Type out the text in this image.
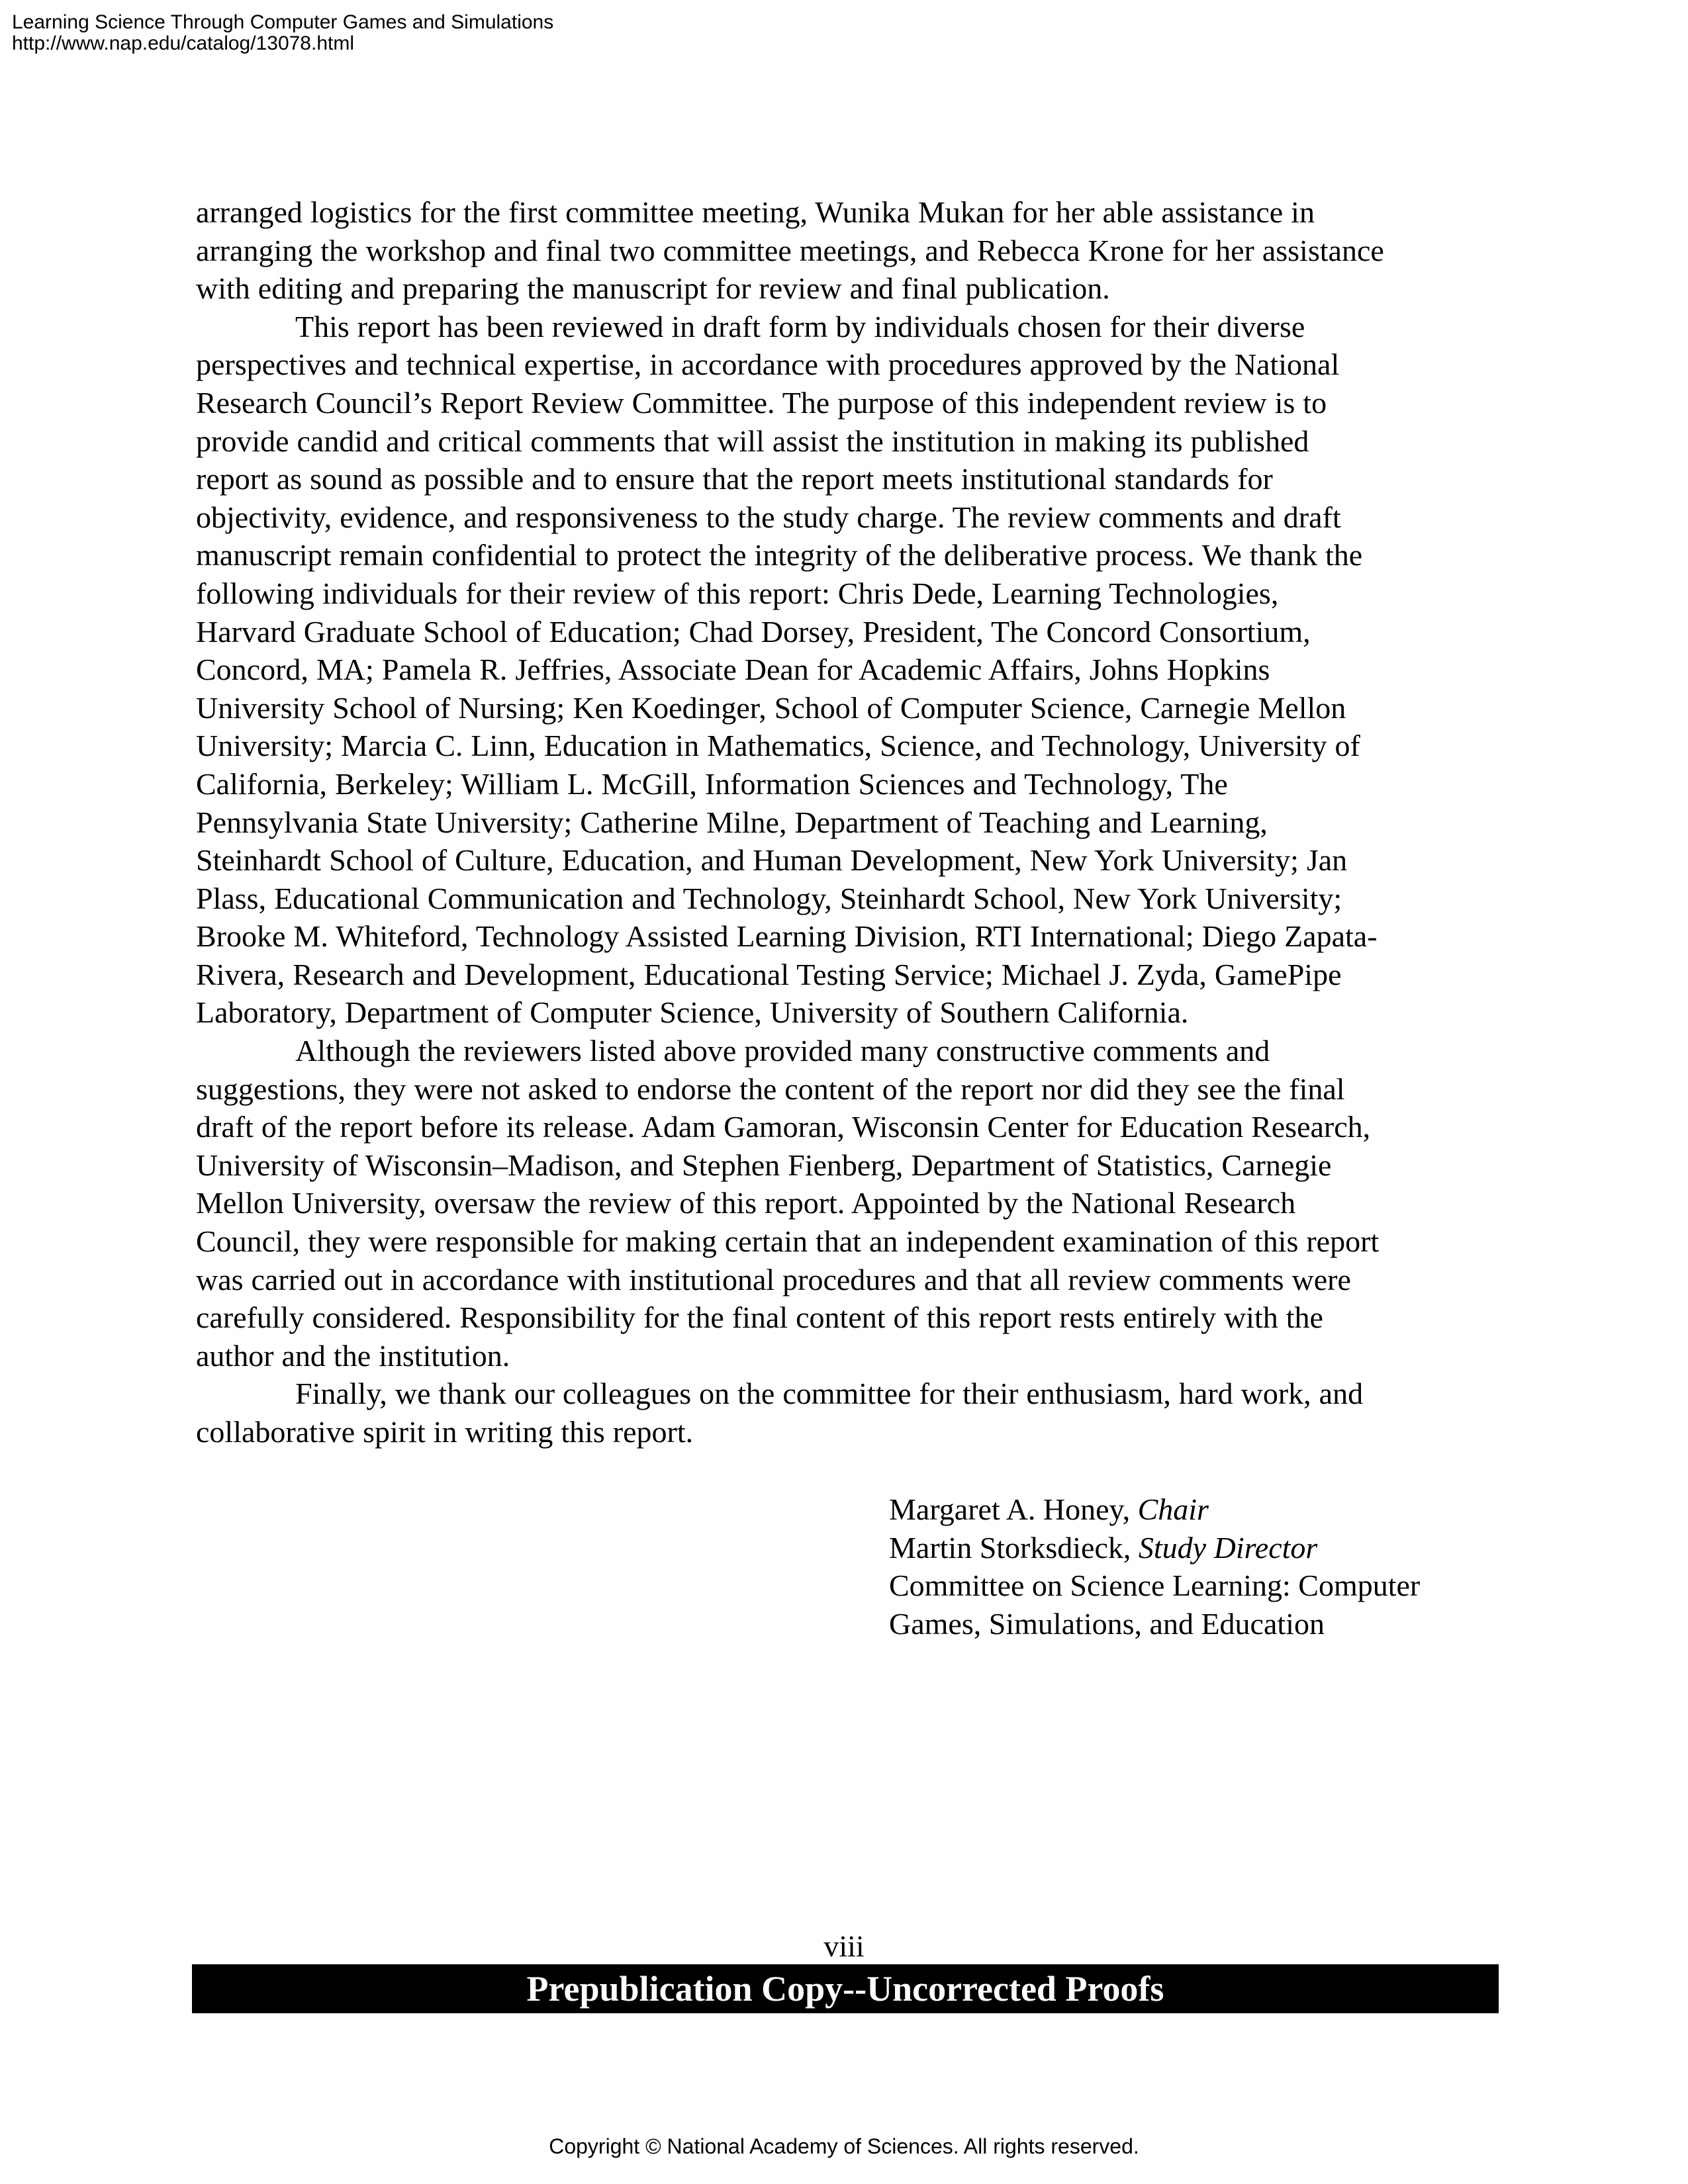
Learning Science Through Computer Games and Simulations
http://www.nap.edu/catalog/13078.html

arranged logistics for the first committee meeting, Wunika Mukan for her able assistance in
arranging the workshop and final two committee meetings, and Rebecca Krone for her assistance
with editing and preparing the manuscript for review and final publication.

This report has been reviewed in draft form by individuals chosen for their diverse
perspectives and technical expertise, in accordance with procedures approved by the National
Research Council’s Report Review Committee. The purpose of this independent review is to
provide candid and critical comments that will assist the institution in making its published
report as sound as possible and to ensure that the report meets institutional standards for
objectivity, evidence, and responsiveness to the study charge. The review comments and draft
manuscript remain confidential to protect the integrity of the deliberative process. We thank the
following individuals for their review of this report: Chris Dede, Learning Technologies,
Harvard Graduate School of Education; Chad Dorsey, President, The Concord Consortium,
Concord, MA; Pamela R. Jeffries, Associate Dean for Academic Affairs, Johns Hopkins
University School of Nursing; Ken Koedinger, School of Computer Science, Carnegie Mellon
University; Marcia C. Linn, Education in Mathematics, Science, and Technology, University of
California, Berkeley; William L. McGill, Information Sciences and Technology, The
Pennsylvania State University; Catherine Milne, Department of Teaching and Learning,
Steinhardt School of Culture, Education, and Human Development, New York University; Jan
Plass, Educational Communication and Technology, Steinhardt School, New York University;
Brooke M. Whiteford, Technology Assisted Learning Division, RTI International; Diego Zapata-
Rivera, Research and Development, Educational Testing Service; Michael J. Zyda, GamePipe
Laboratory, Department of Computer Science, University of Southern California.

Although the reviewers listed above provided many constructive comments and
suggestions, they were not asked to endorse the content of the report nor did they see the final
draft of the report before its release. Adam Gamoran, Wisconsin Center for Education Research,
University of Wisconsin–Madison, and Stephen Fienberg, Department of Statistics, Carnegie
Mellon University, oversaw the review of this report. Appointed by the National Research
Council, they were responsible for making certain that an independent examination of this report
was carried out in accordance with institutional procedures and that all review comments were
carefully considered. Responsibility for the final content of this report rests entirely with the
author and the institution.

Finally, we thank our colleagues on the committee for their enthusiasm, hard work, and
collaborative spirit in writing this report.

Margaret A. Honey, Chair
Martin Storksdieck, Study Director
Committee on Science Learning: Computer
Games, Simulations, and Education
viii
Prepublication Copy--Uncorrected Proofs
Copyright © National Academy of Sciences. All rights reserved.
